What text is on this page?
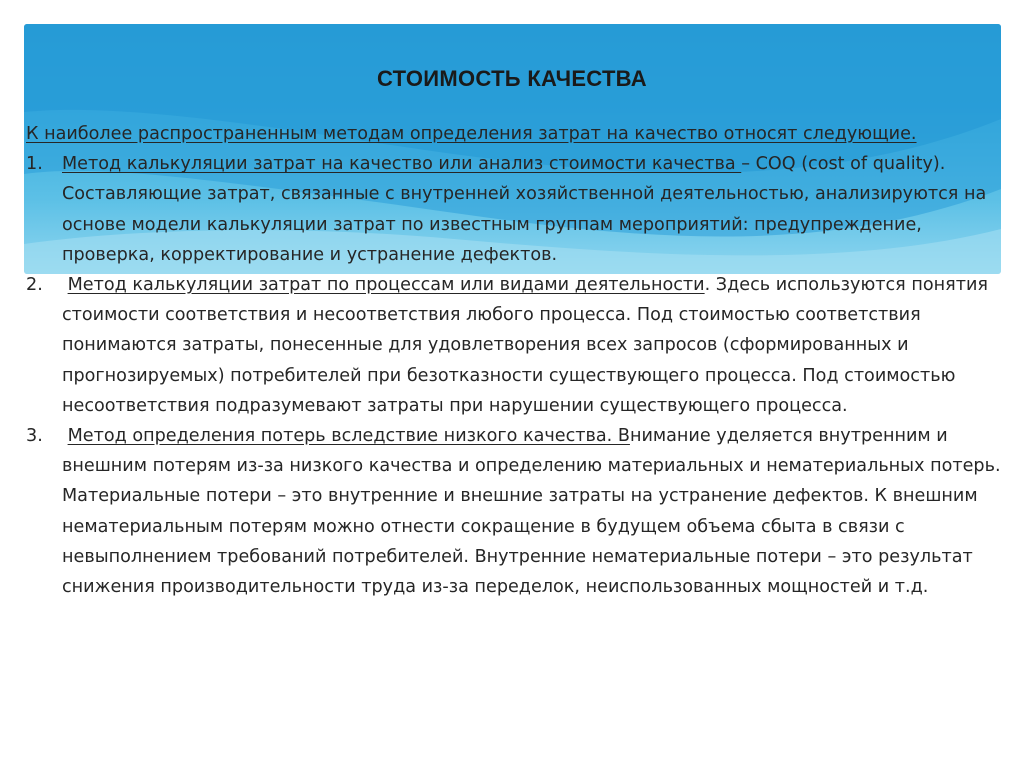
СТОИМОСТЬ КАЧЕСТВА

К наиболее распространенным методам определения затрат на качество относят следующие.

1.	Метод калькуляции затрат на качество или анализ стоимости качества – COQ (cost of quality). Составляющие затрат, связанные с внутренней хозяйственной деятельностью, анализируются на основе модели калькуляции затрат по известным группам мероприятий: предупреждение, проверка, корректирование и устранение дефектов.
2.	Метод калькуляции затрат по процессам или видами деятельности. Здесь используются понятия стоимости соответствия и несоответствия любого процесса. Под стоимостью соответствия понимаются затраты, понесенные для удовлетворения всех запросов (сформированных и прогнозируемых) потребителей при безотказности существующего процесса. Под стоимостью несоответствия подразумевают затраты при нарушении существующего процесса.
3.	Метод определения потерь вследствие низкого качества. Внимание уделяется внутренним и внешним потерям из-за низкого качества и определению материальных и нематериальных потерь. Материальные потери – это внутренние и внешние затраты на устранение дефектов. К внешним нематериальным потерям можно отнести сокращение в будущем объема сбыта в связи с невыполнением требований потребителей. Внутренние нематериальные потери – это результат снижения производительности труда из-за переделок, неиспользованных мощностей и т.д.
